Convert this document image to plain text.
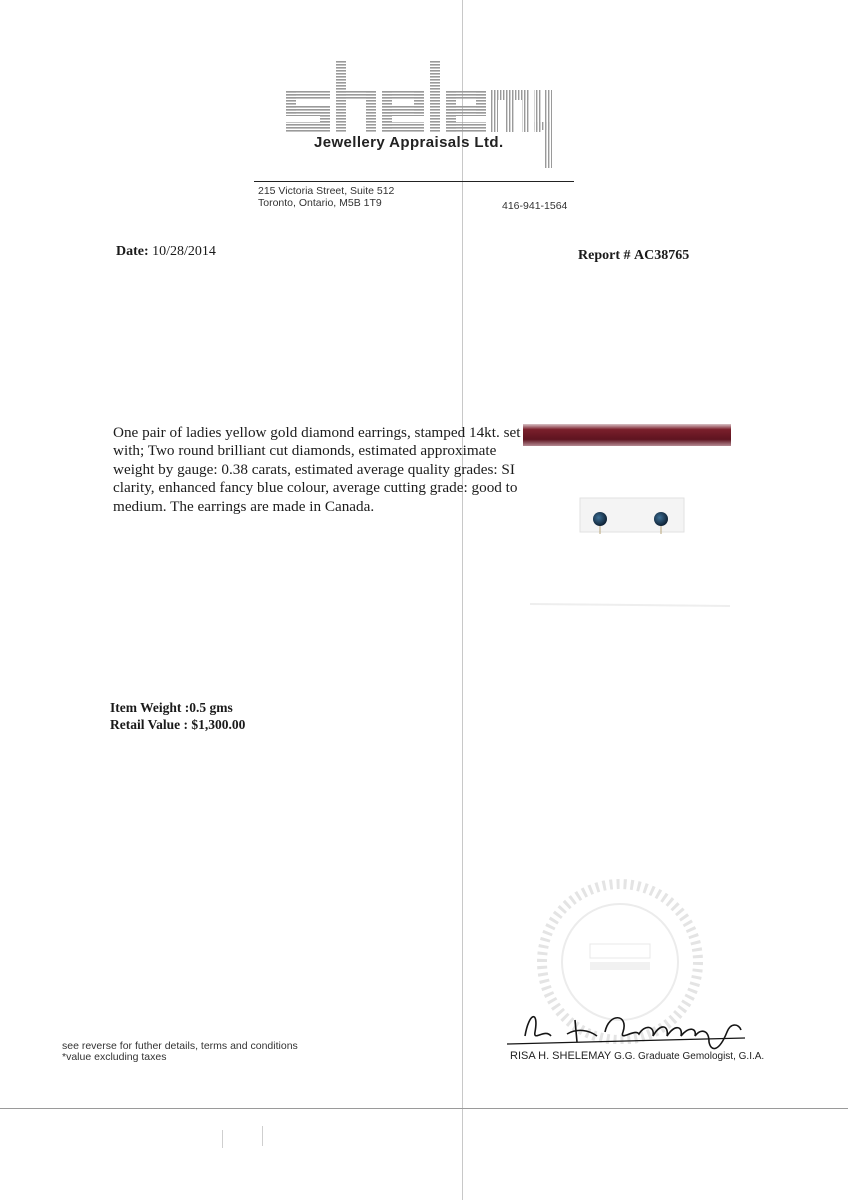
Jewellery Appraisals Ltd.
215 Victoria Street, Suite 512
Toronto, Ontario, M5B 1T9	416-941-1564
Date: 10/28/2014	Report # AC38765
One pair of ladies yellow gold diamond earrings, stamped 14kt. set with; Two round brilliant cut diamonds, estimated approximate weight by gauge: 0.38 carats, estimated average quality grades: SI clarity, enhanced fancy blue colour, average cutting grade: good to medium. The earrings are made in Canada.
Item Weight :0.5 gms
Retail Value : $1,300.00
RISA H. SHELEMAY G.G. Graduate Gemologist, G.I.A.
see reverse for futher details, terms and conditions
*value excluding taxes
